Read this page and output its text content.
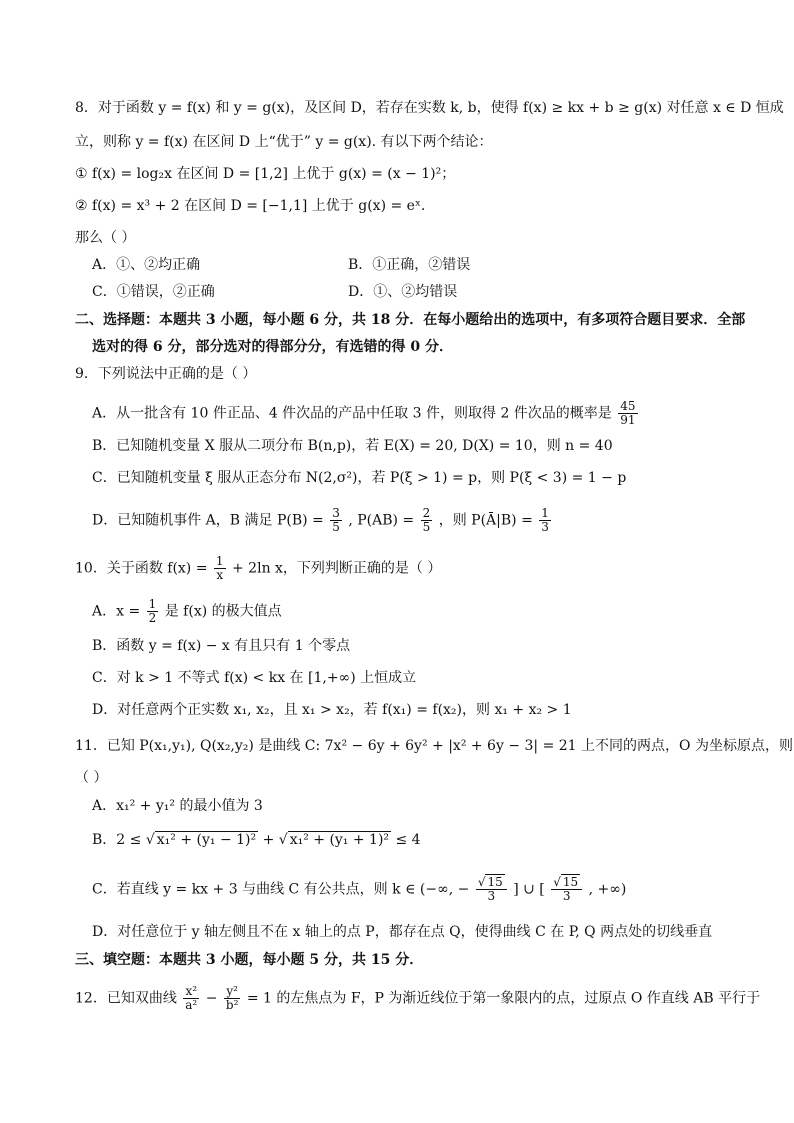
8．对于函数 y = f(x) 和 y = g(x)，及区间 D，若存在实数 k, b，使得 f(x) ≥ kx + b ≥ g(x) 对任意 x ∈ D 恒成
立，则称 y = f(x) 在区间 D 上“优于” y = g(x). 有以下两个结论：
① f(x) = log₂x 在区间 D = [1,2] 上优于 g(x) = (x − 1)²；
② f(x) = x³ + 2 在区间 D = [−1,1] 上优于 g(x) = eˣ.
那么（ ）
A．①、②均正确	B．①正确，②错误
C．①错误，②正确	D．①、②均错误
二、选择题：本题共 3 小题，每小题 6 分，共 18 分．在每小题给出的选项中，有多项符合题目要求．全部
选对的得 6 分，部分选对的得部分分，有选错的得 0 分．
9．下列说法中正确的是（ ）
A．从一批含有 10 件正品、4 件次品的产品中任取 3 件，则取得 2 件次品的概率是 $\frac{45}{91}$
B．已知随机变量 X 服从二项分布 B(n,p)，若 E(X) = 20, D(X) = 10，则 n = 40
C．已知随机变量 ξ 服从正态分布 N(2,σ²)，若 P(ξ > 1) = p，则 P(ξ < 3) = 1 − p
D．已知随机事件 A，B 满足 $P(B) = \frac{3}{5}$ , $P(AB) = \frac{2}{5}$ ，则 P(Ā|B) = $\frac{1}{3}$
10．关于函数 $f(x) = \frac{1}{x} + 2\ln$ x，下列判断正确的是（ ）
A．$x = \frac{1}{2}$ 是 f(x) 的极大值点
B．函数 y = f(x) − x 有且只有 1 个零点
C．对 k > 1 不等式 f(x) < kx 在 [1,+∞) 上恒成立
D．对任意两个正实数 x₁, x₂，且 x₁ > x₂，若 f(x₁) = f(x₂)，则 x₁ + x₂ > 1
11．已知 P(x₁,y₁), Q(x₂,y₂) 是曲线 C: 7x² − 6y + 6y² + |x² + 6y − 3| = 21 上不同的两点，O 为坐标原点，则
（ ）
A．x₁² + y₁² 的最小值为 3
B．2 ≤ √ x₁² + (y₁ − 1)² + √ x₁² + (y₁ + 1)² ≤ 4
C．若直线 y = kx + 3 与曲线 C 有公共点，则 k ∈ (−∞, − $\frac{√ 15}{3}$ ] ∪ [ $\frac{√ 15}{3}$ , +∞)
D．对任意位于 y 轴左侧且不在 x 轴上的点 P，都存在点 Q，使得曲线 C 在 P, Q 两点处的切线垂直
三、填空题：本题共 3 小题，每小题 5 分，共 15 分．
12．已知双曲线 $\frac{\text{x²}}{\text{a²}} - \frac{\text{y²}}{\text{b²}} = 1$ 的左焦点为 F，P 为渐近线位于第一象限内的点，过原点 O 作直线 AB 平行于
